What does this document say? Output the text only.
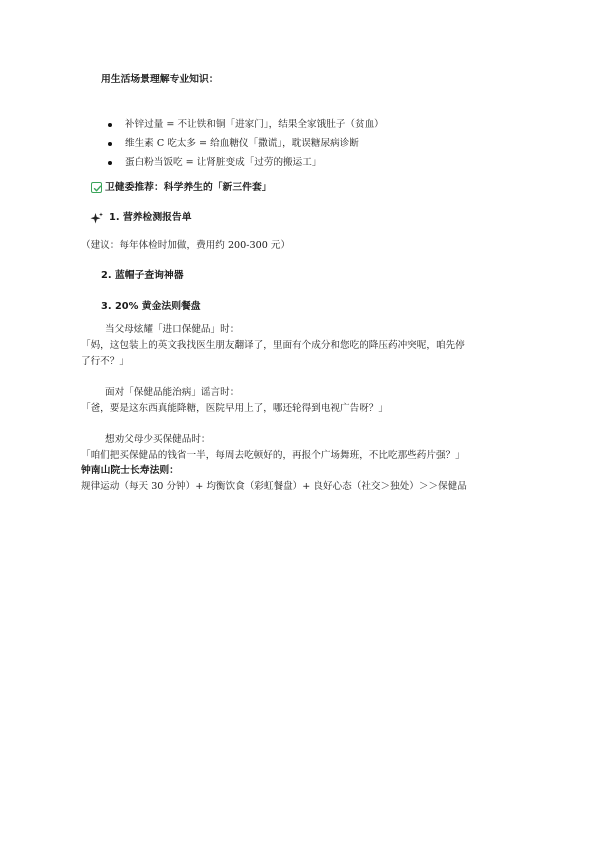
用生活场景理解专业知识：
补锌过量 = 不让铁和铜「进家门」，结果全家饿肚子（贫血）
维生素 C 吃太多 = 给血糖仪「撒谎」，耽误糖尿病诊断
蛋白粉当饭吃 = 让肾脏变成「过劳的搬运工」
卫健委推荐：科学养生的「新三件套」
1. 营养检测报告单
（建议：每年体检时加做，费用约 200-300 元）
2. 蓝帽子查询神器
3. 20% 黄金法则餐盘
当父母炫耀「进口保健品」时：
「妈，这包装上的英文我找医生朋友翻译了，里面有个成分和您吃的降压药冲突呢，咱先停
了行不？」
面对「保健品能治病」谣言时：
「爸，要是这东西真能降糖，医院早用上了，哪还轮得到电视广告呀？」
想劝父母少买保健品时：
「咱们把买保健品的钱省一半，每周去吃顿好的，再报个广场舞班，不比吃那些药片强？」
钟南山院士长寿法则：
规律运动（每天 30 分钟）+ 均衡饮食（彩虹餐盘）+ 良好心态（社交＞独处）＞＞保健品
